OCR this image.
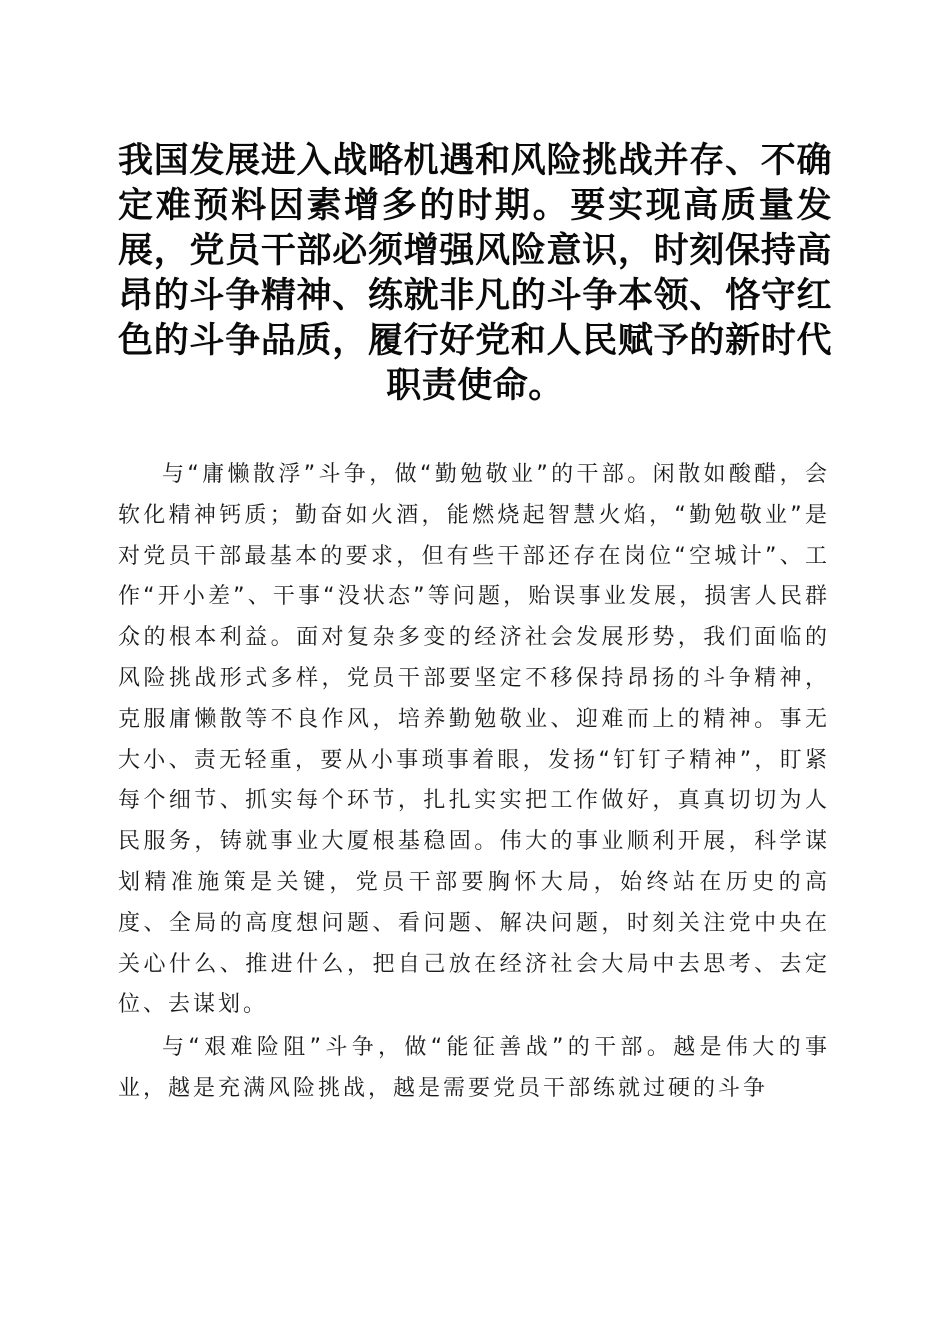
我国发展进入战略机遇和风险挑战并存、不确定难预料因素增多的时期。要实现高质量发展，党员干部必须增强风险意识，时刻保持高昂的斗争精神、练就非凡的斗争本领、恪守红色的斗争品质，履行好党和人民赋予的新时代职责使命。

与“庸懒散浮”斗争，做“勤勉敬业”的干部。闲散如酸醋，会软化精神钙质；勤奋如火酒，能燃烧起智慧火焰，“勤勉敬业”是对党员干部最基本的要求，但有些干部还存在岗位“空城计”、工作“开小差”、干事“没状态”等问题，贻误事业发展，损害人民群众的根本利益。面对复杂多变的经济社会发展形势，我们面临的风险挑战形式多样，党员干部要坚定不移保持昂扬的斗争精神，克服庸懒散等不良作风，培养勤勉敬业、迎难而上的精神。事无大小、责无轻重，要从小事琐事着眼，发扬“钉钉子精神”，盯紧每个细节、抓实每个环节，扎扎实实把工作做好，真真切切为人民服务，铸就事业大厦根基稳固。伟大的事业顺利开展，科学谋划精准施策是关键，党员干部要胸怀大局，始终站在历史的高度、全局的高度想问题、看问题、解决问题，时刻关注党中央在关心什么、推进什么，把自己放在经济社会大局中去思考、去定位、去谋划。

与“艰难险阻”斗争，做“能征善战”的干部。越是伟大的事业，越是充满风险挑战，越是需要党员干部练就过硬的斗争
